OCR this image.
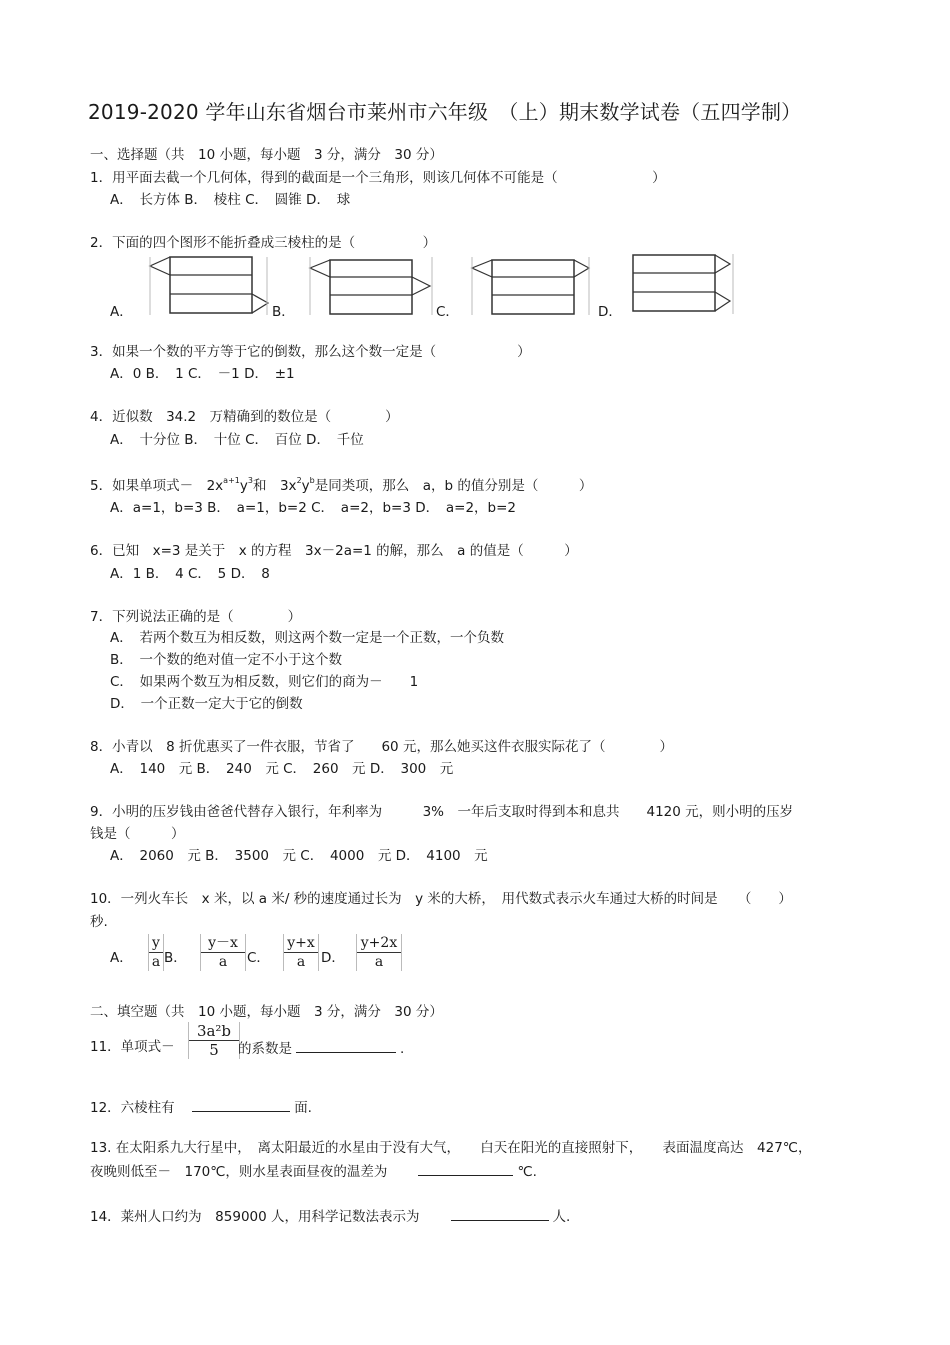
2019-2020 学年山东省烟台市莱州市六年级　（上）期末数学试卷（五四学制）
一、选择题（共　10 小题，每小题　3 分，满分　30 分）
1．用平面去截一个几何体，得到的截面是一个三角形，则该几何体不可能是（　　　　　　　）
A．　长方体 B．　棱柱 C．　圆锥 D．　球
2．下面的四个图形不能折叠成三棱柱的是（　　　　　）
A．	B．	C．	D．
3．如果一个数的平方等于它的倒数，那么这个数一定是（　　　　　　）
A．0 B．　1 C．　－1 D．　±1
4．近似数　34.2　万精确到的数位是（　　　　）
A．　十分位 B．　十位 C．　百位 D．　千位
5．如果单项式－　$2x^{a+1}y^3$和　$3x^2y^b$是同类项，那么　a，b 的值分别是（　　　）
A．a=1，b=3 B．　a=1，b=2 C．　a=2，b=3 D．　a=2，b=2
6．已知　x=3 是关于　x 的方程　3x－2a=1 的解，那么　a 的值是（　　　）
A．1 B．　4 C．　5 D．　8
7．下列说法正确的是（　　　　）
A．　若两个数互为相反数，则这两个数一定是一个正数，一个负数
B．　一个数的绝对值一定不小于这个数
C．　如果两个数互为相反数，则它们的商为－　　1
D．　一个正数一定大于它的倒数
8．小青以　8 折优惠买了一件衣服，节省了　　60 元，那么她买这件衣服实际花了（　　　　）
A．　140　元 B．　240　元 C．　260　元 D．　300　元
9．小明的压岁钱由爸爸代替存入银行，年利率为　　　3%　一年后支取时得到本和息共　　4120 元，则小明的压岁
钱是（　　　）
A．　2060　元 B．　3500　元 C．　4000　元 D．　4100　元
10．一列火车长　x 米，以 a 米/ 秒的速度通过长为　y 米的大桥，　用代数式表示火车通过大桥的时间是　　（　　）
秒.
A． $\frac{y}{a}$ B． $\frac{y-x}{a}$ C． $\frac{y+x}{a}$ D． $\frac{y+2x}{a}$
二、填空题（共　10 小题，每小题　3 分，满分　30 分）
11．单项式－ $\frac{\text{3a²b}}{5}$
的系数是	.
12．六棱柱有　	面.
13. 在太阳系九大行星中，　离太阳最近的水星由于没有大气，　　白天在阳光的直接照射下，　　表面温度高达　427℃，
夜晚则低至－　170℃，则水星表面昼夜的温差为　　	℃.
14．莱州人口约为　859000 人，用科学记数法表示为　　	人.
